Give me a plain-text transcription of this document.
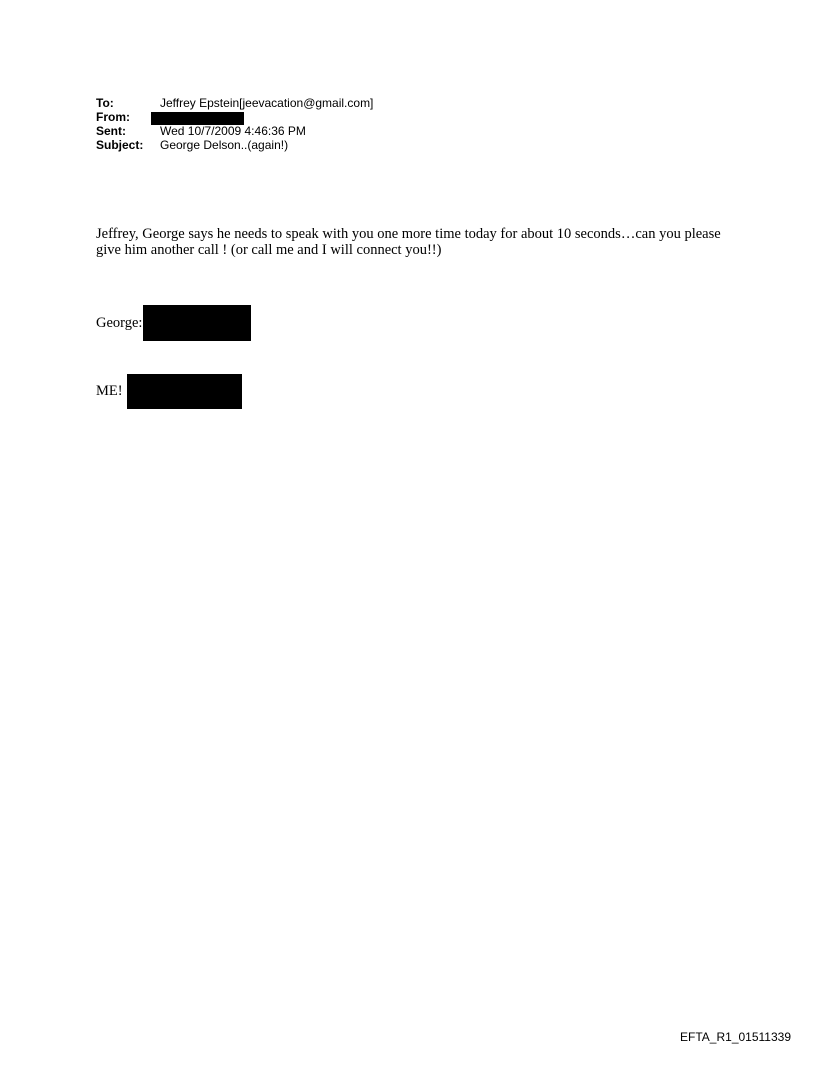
To:	Jeffrey Epstein[jeevacation@gmail.com]
From:
Sent:	Wed 10/7/2009 4:46:36 PM
Subject:	George Delson..(again!)
Jeffrey, George says he needs to speak with you one more time today for about 10 seconds…can you please give him another call ! (or call me and I will connect you!!)
George:
ME!
EFTA_R1_01511339
